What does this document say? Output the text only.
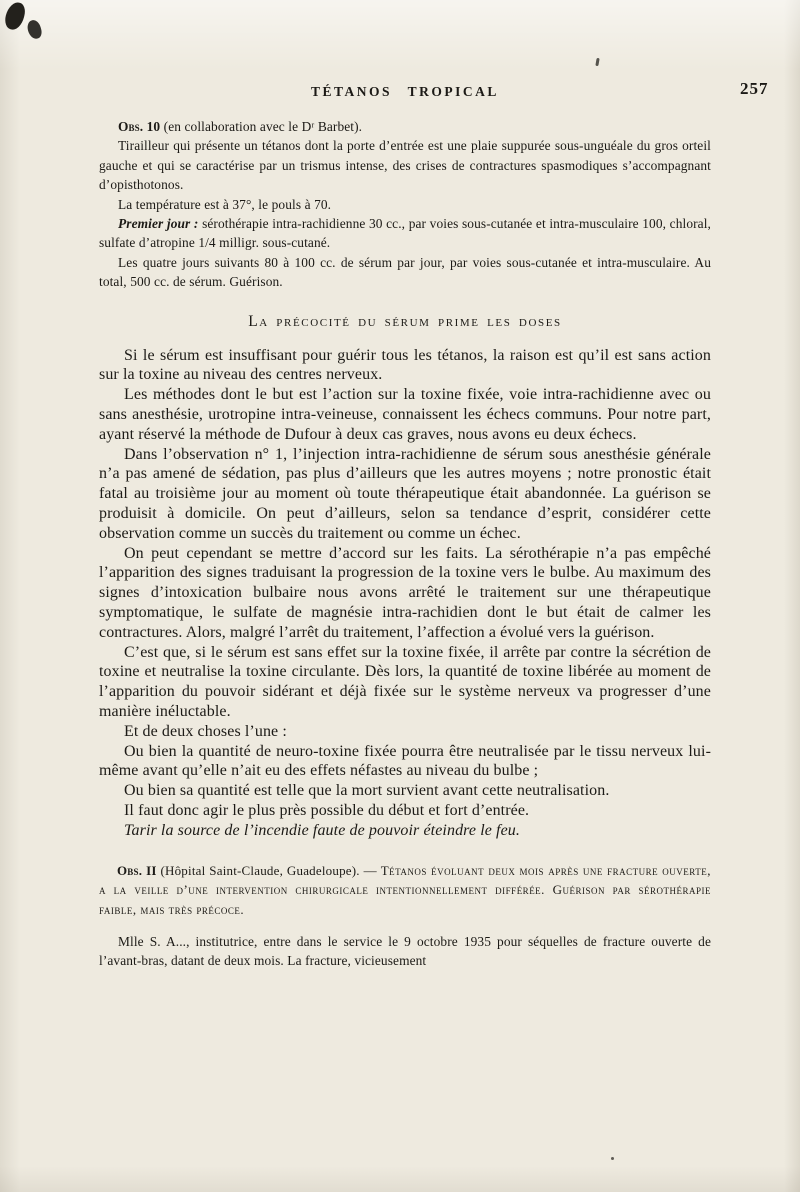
TÉTANOS TROPICAL	257

Obs. 10 (en collaboration avec le Dʳ Barbet).

Tirailleur qui présente un tétanos dont la porte d’entrée est une plaie suppurée sous-unguéale du gros orteil gauche et qui se caractérise par un trismus intense, des crises de contractures spasmodiques s’accompagnant d’opisthotonos.

La température est à 37°, le pouls à 70.

Premier jour : sérothérapie intra-rachidienne 30 cc., par voies sous-cutanée et intra-musculaire 100, chloral, sulfate d’atropine 1/4 milligr. sous-cutané.

Les quatre jours suivants 80 à 100 cc. de sérum par jour, par voies sous-cutanée et intra-musculaire. Au total, 500 cc. de sérum. Guérison.

La précocité du sérum prime les doses

Si le sérum est insuffisant pour guérir tous les tétanos, la raison est qu’il est sans action sur la toxine au niveau des centres nerveux.

Les méthodes dont le but est l’action sur la toxine fixée, voie intra-rachidienne avec ou sans anesthésie, urotropine intra-veineuse, connaissent les échecs communs. Pour notre part, ayant réservé la méthode de Dufour à deux cas graves, nous avons eu deux échecs.

Dans l’observation n° 1, l’injection intra-rachidienne de sérum sous anesthésie générale n’a pas amené de sédation, pas plus d’ailleurs que les autres moyens ; notre pronostic était fatal au troisième jour au moment où toute thérapeutique était abandonnée. La guérison se produisit à domicile. On peut d’ailleurs, selon sa tendance d’esprit, considérer cette observation comme un succès du traitement ou comme un échec.

On peut cependant se mettre d’accord sur les faits. La sérothérapie n’a pas empêché l’apparition des signes traduisant la progression de la toxine vers le bulbe. Au maximum des signes d’intoxication bulbaire nous avons arrêté le traitement sur une thérapeutique symptomatique, le sulfate de magnésie intra-rachidien dont le but était de calmer les contractures. Alors, malgré l’arrêt du traitement, l’affection a évolué vers la guérison.

C’est que, si le sérum est sans effet sur la toxine fixée, il arrête par contre la sécrétion de toxine et neutralise la toxine circulante. Dès lors, la quantité de toxine libérée au moment de l’apparition du pouvoir sidérant et déjà fixée sur le système nerveux va progresser d’une manière inéluctable.

Et de deux choses l’une :

Ou bien la quantité de neuro-toxine fixée pourra être neutralisée par le tissu nerveux lui-même avant qu’elle n’ait eu des effets néfastes au niveau du bulbe ;

Ou bien sa quantité est telle que la mort survient avant cette neutralisation.

Il faut donc agir le plus près possible du début et fort d’entrée.

Tarir la source de l’incendie faute de pouvoir éteindre le feu.

Obs. II (Hôpital Saint-Claude, Guadeloupe). — Tétanos évoluant deux mois après une fracture ouverte, a la veille d’une intervention chirurgicale intentionnellement différée. Guérison par sérothérapie faible, mais très précoce.

Mlle S. A..., institutrice, entre dans le service le 9 octobre 1935 pour séquelles de fracture ouverte de l’avant-bras, datant de deux mois. La fracture, vicieusement
